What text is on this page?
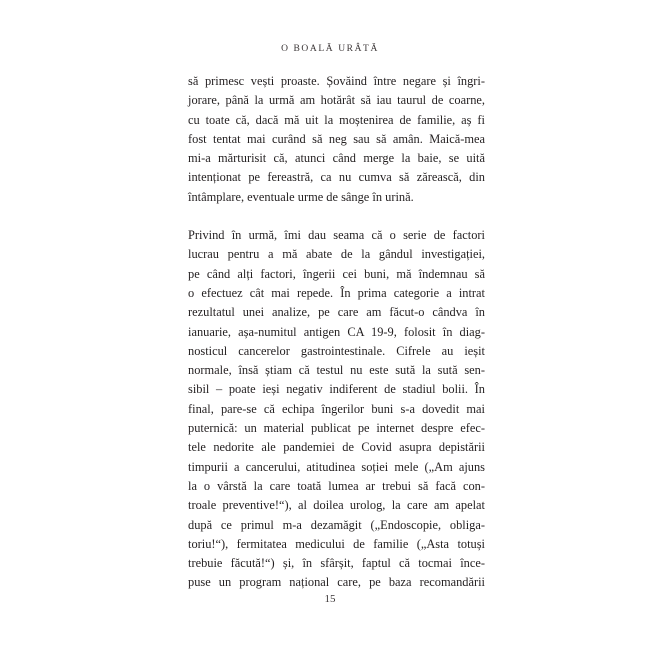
O BOALĂ URÂTĂ
să primesc vești proaste. Șovăind între negare și îngri-
jorare, până la urmă am hotărât să iau taurul de coarne,
cu toate că, dacă mă uit la moștenirea de familie, aș fi
fost tentat mai curând să neg sau să amân. Maică-mea
mi-a mărturisit că, atunci când merge la baie, se uită
intenționat pe fereastră, ca nu cumva să zărească, din
întâmplare, eventuale urme de sânge în urină.
Privind în urmă, îmi dau seama că o serie de factori
lucrau pentru a mă abate de la gândul investigației,
pe când alți factori, îngerii cei buni, mă îndemnau să
o efectuez cât mai repede. În prima categorie a intrat
rezultatul unei analize, pe care am făcut-o cândva în
ianuarie, așa-numitul antigen CA 19-9, folosit în diag-
nosticul cancerelor gastrointestinale. Cifrele au ieșit
normale, însă știam că testul nu este sută la sută sen-
sibil – poate ieși negativ indiferent de stadiul bolii. În
final, pare-se că echipa îngerilor buni s-a dovedit mai
puternică: un material publicat pe internet despre efec-
tele nedorite ale pandemiei de Covid asupra depistării
timpurii a cancerului, atitudinea soției mele („Am ajuns
la o vârstă la care toată lumea ar trebui să facă con-
troale preventive!“), al doilea urolog, la care am apelat
după ce primul m-a dezamăgit („Endoscopie, obliga-
toriu!“), fermitatea medicului de familie („Asta totuși
trebuie făcută!“) și, în sfârșit, faptul că tocmai înce-
puse un program național care, pe baza recomandării
15
